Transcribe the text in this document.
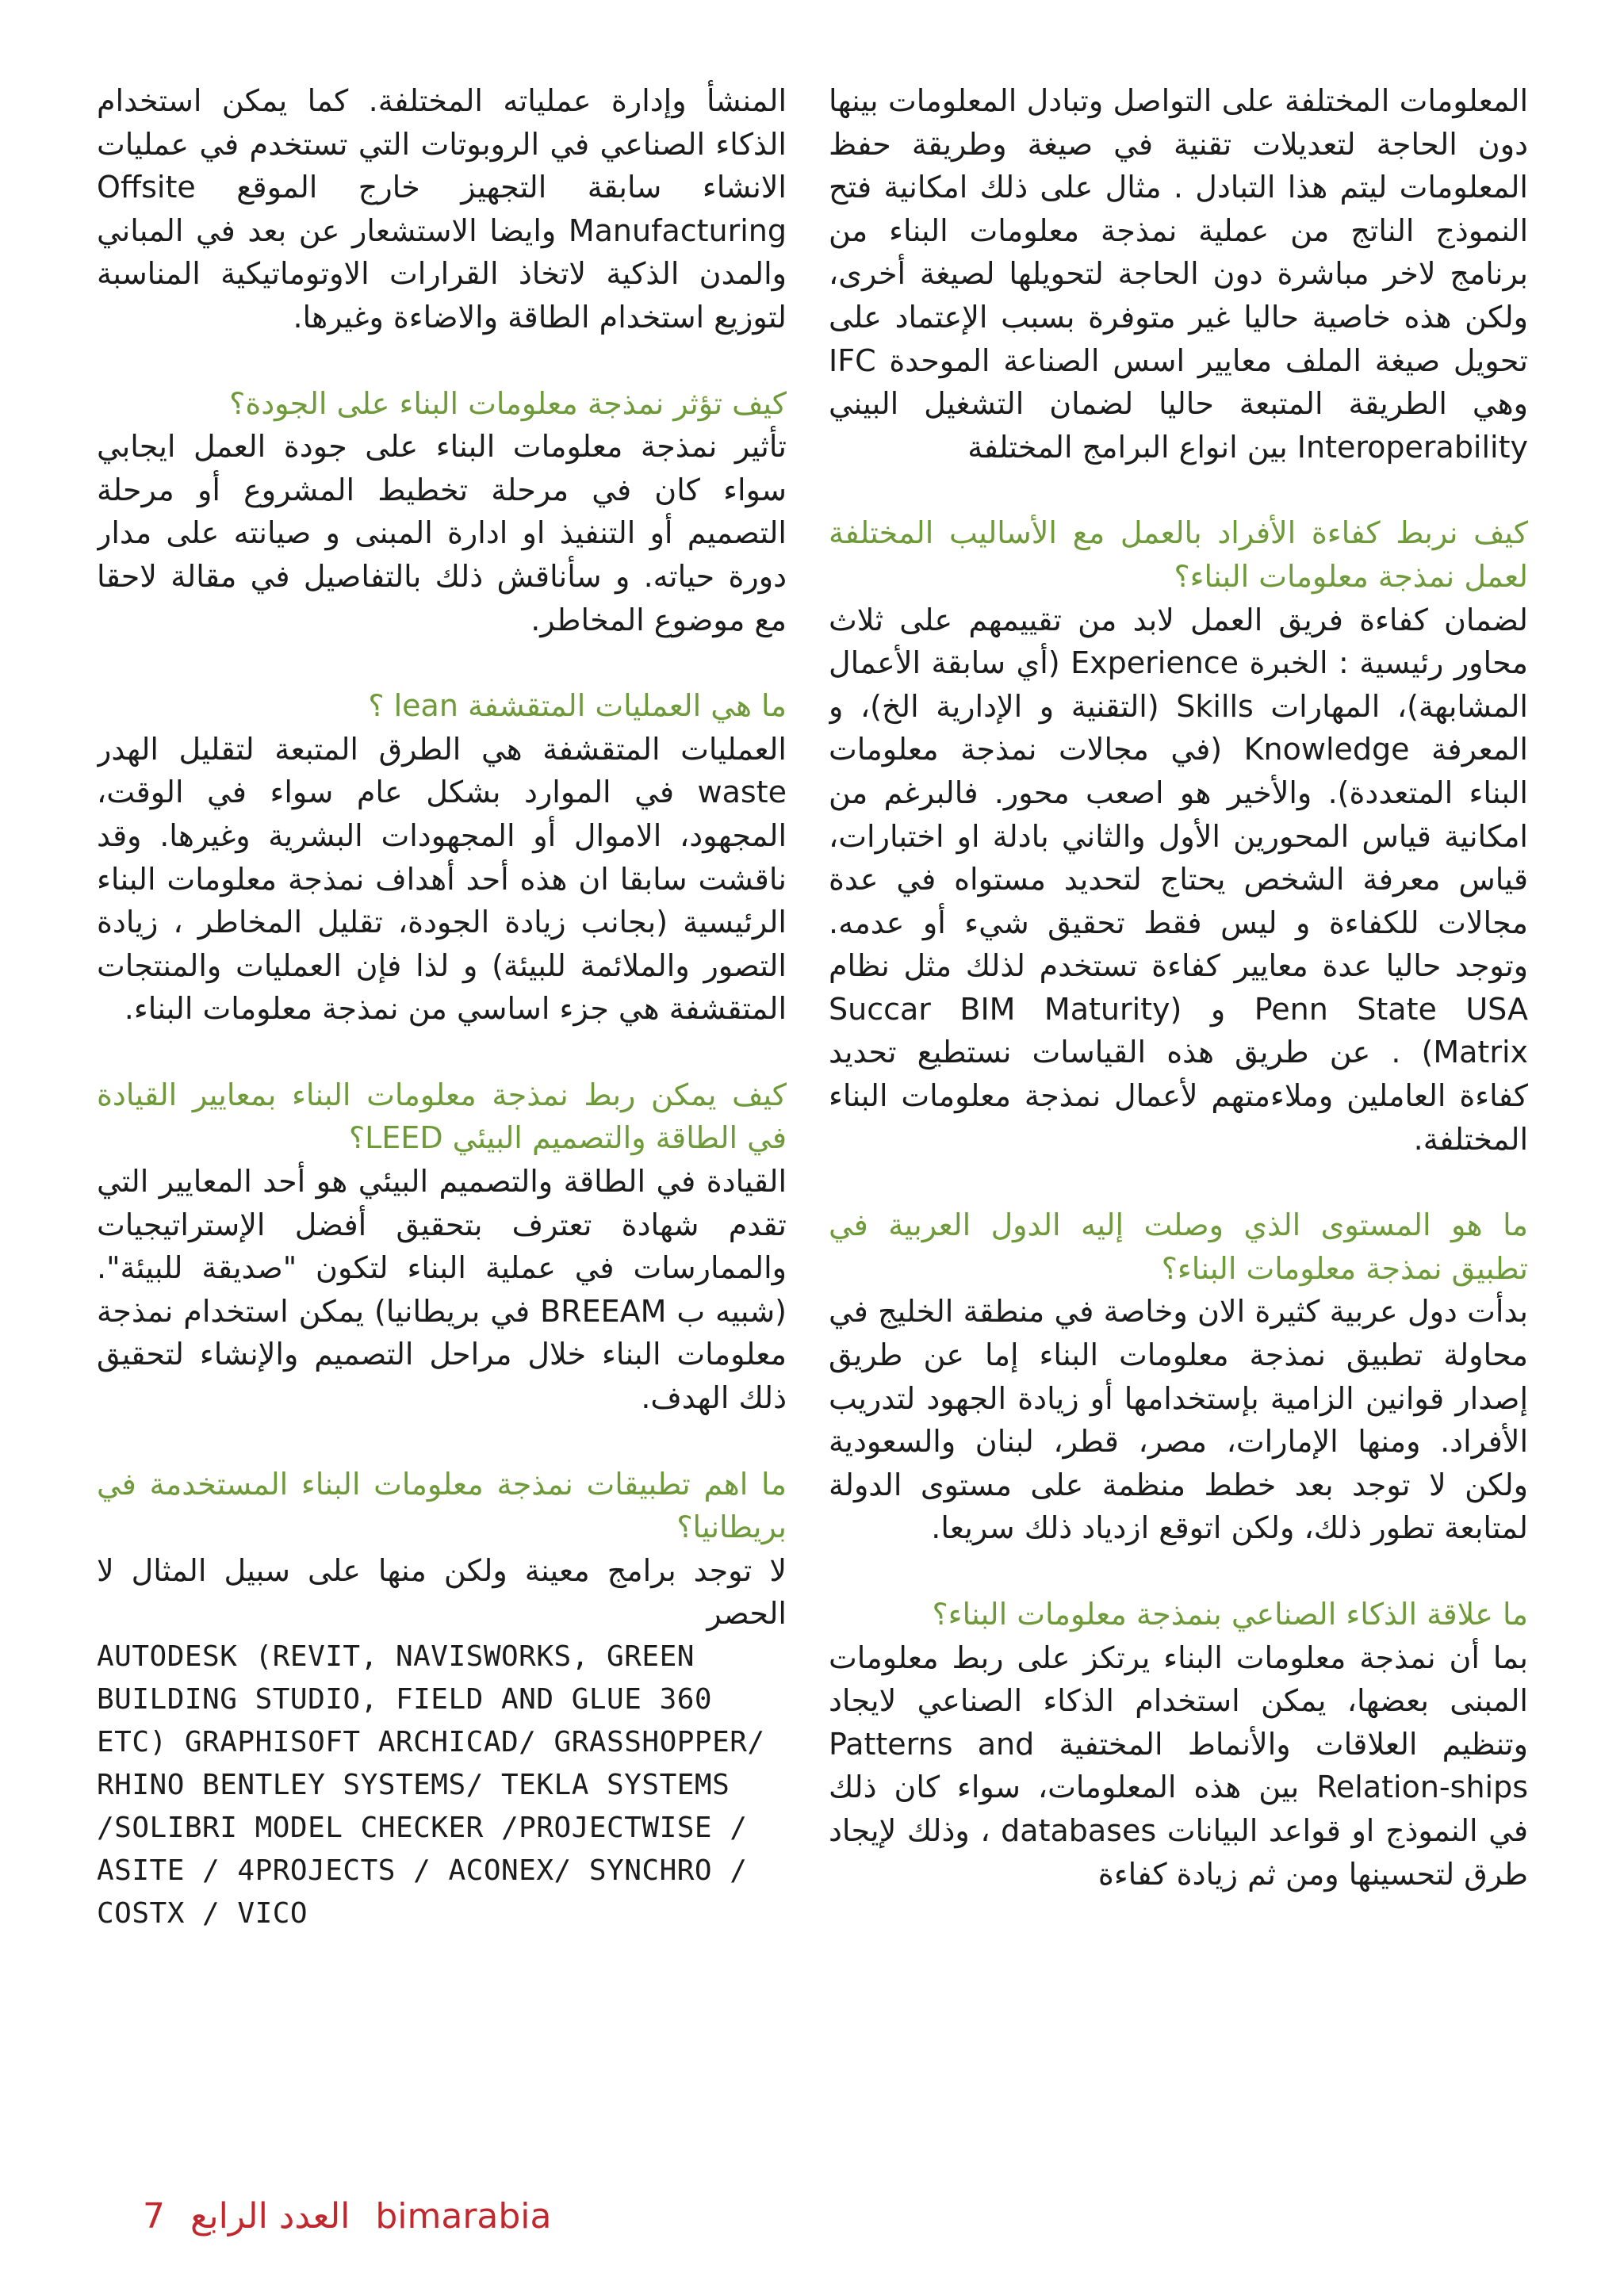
المعلومات المختلفة على التواصل وتبادل المعلومات بينها دون الحاجة لتعديلات تقنية في صيغة وطريقة حفظ المعلومات ليتم هذا التبادل . مثال على ذلك امكانية فتح النموذج الناتج من عملية نمذجة معلومات البناء من برنامج لاخر مباشرة دون الحاجة لتحويلها لصيغة أخرى، ولكن هذه خاصية حاليا غير متوفرة بسبب الإعتماد على تحويل صيغة الملف معايير اسس الصناعة الموحدة IFC وهي الطريقة المتبعة حاليا لضمان التشغيل البيني Interoperability بين انواع البرامج المختلفة

كيف نربط كفاءة الأفراد بالعمل مع الأساليب المختلفة لعمل نمذجة معلومات البناء؟

لضمان كفاءة فريق العمل لابد من تقييمهم على ثلاث محاور رئيسية : الخبرة Experience (أي سابقة الأعمال المشابهة)، المهارات Skills (التقنية و الإدارية الخ)، و المعرفة Knowledge (في مجالات نمذجة معلومات البناء المتعددة). والأخير هو اصعب محور. فالبرغم من امكانية قياس المحورين الأول والثاني بادلة او اختبارات، قياس معرفة الشخص يحتاج لتحديد مستواه في عدة مجالات للكفاءة و ليس فقط تحقيق شيء أو عدمه. وتوجد حاليا عدة معايير كفاءة تستخدم لذلك مثل نظام Penn State USA و (Succar BIM Maturity Matrix) . عن طريق هذه القياسات نستطيع تحديد كفاءة العاملين وملاءمتهم لأعمال نمذجة معلومات البناء المختلفة.

ما هو المستوى الذي وصلت إليه الدول العربية في تطبيق نمذجة معلومات البناء؟

بدأت دول عربية كثيرة الان وخاصة في منطقة الخليج في محاولة تطبيق نمذجة معلومات البناء إما عن طريق إصدار قوانين الزامية بإستخدامها أو زيادة الجهود لتدريب الأفراد. ومنها الإمارات، مصر، قطر، لبنان والسعودية ولكن لا توجد بعد خطط منظمة على مستوى الدولة لمتابعة تطور ذلك، ولكن اتوقع ازدياد ذلك سريعا.

ما علاقة الذكاء الصناعي بنمذجة معلومات البناء؟

بما أن نمذجة معلومات البناء يرتكز على ربط معلومات المبنى بعضها، يمكن استخدام الذكاء الصناعي لايجاد وتنظيم العلاقات والأنماط المختفية Patterns and Relation-ships بين هذه المعلومات، سواء كان ذلك في النموذج او قواعد البيانات databases ، وذلك لإيجاد طرق لتحسينها ومن ثم زيادة كفاءة

المنشأ وإدارة عملياته المختلفة. كما يمكن استخدام الذكاء الصناعي في الروبوتات التي تستخدم في عمليات الانشاء سابقة التجهيز خارج الموقع Offsite Manufacturing وايضا الاستشعار عن بعد في المباني والمدن الذكية لاتخاذ القرارات الاوتوماتيكية المناسبة لتوزيع استخدام الطاقة والاضاءة وغيرها.

كيف تؤثر نمذجة معلومات البناء على الجودة؟

تأثير نمذجة معلومات البناء على جودة العمل ايجابي سواء كان في مرحلة تخطيط المشروع أو مرحلة التصميم أو التنفيذ او ادارة المبنى و صيانته على مدار دورة حياته. و سأناقش ذلك بالتفاصيل في مقالة لاحقا مع موضوع المخاطر.

ما هي العمليات المتقشفة lean ؟

العمليات المتقشفة هي الطرق المتبعة لتقليل الهدر waste في الموارد بشكل عام سواء في الوقت، المجهود، الاموال أو المجهودات البشرية وغيرها. وقد ناقشت سابقا ان هذه أحد أهداف نمذجة معلومات البناء الرئيسية (بجانب زيادة الجودة، تقليل المخاطر ، زيادة التصور والملائمة للبيئة) و لذا فإن العمليات والمنتجات المتقشفة هي جزء اساسي من نمذجة معلومات البناء.

كيف يمكن ربط نمذجة معلومات البناء بمعايير القيادة في الطاقة والتصميم البيئي LEED؟

القيادة في الطاقة والتصميم البيئي هو أحد المعايير التي تقدم شهادة تعترف بتحقيق أفضل الإستراتيجيات والممارسات في عملية البناء لتكون "صديقة للبيئة". (شبيه ب BREEAM في بريطانيا) يمكن استخدام نمذجة معلومات البناء خلال مراحل التصميم والإنشاء لتحقيق ذلك الهدف.

ما اهم تطبيقات نمذجة معلومات البناء المستخدمة في بريطانيا؟

لا توجد برامج معينة ولكن منها على سبيل المثال لا الحصر

AUTODESK (REVIT, NAVISWORKS, GREEN BUILDING STUDIO, FIELD AND GLUE 360 ETC) GRAPHISOFT ARCHICAD/ GRASSHOPPER/ RHINO BENTLEY SYSTEMS/ TEKLA SYSTEMS /SOLIBRI MODEL CHECKER /PROJECTWISE / ASITE / 4PROJECTS / ACONEX/ SYNCHRO / COSTX / VICO

7 العدد الرابع bimarabia
